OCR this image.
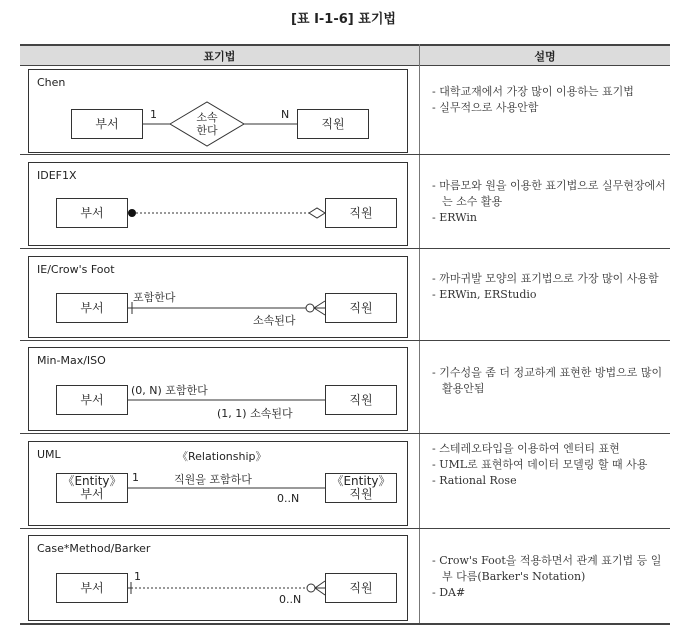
[표 Ⅰ-1-6] 표기법
표기법	설명
Chen
부서	직원
소속
한다
1	N
- 대학교재에서 가장 많이 이용하는 표기법
- 실무적으로 사용안함
IDEF1X
부서	직원
- 마름모와 원을 이용한 표기법으로 실무현장에서는 소수 활용
- ERWin
IE/Crow's Foot
부서	직원
포함한다
소속된다
- 까마귀발 모양의 표기법으로 가장 많이 사용함
- ERWin, ERStudio
Min-Max/ISO
부서	직원
(0, N) 포함한다
(1, 1) 소속된다
- 기수성을 좀 더 정교하게 표현한 방법으로 많이 활용안됨
UML	《Relationship》
《Entity》
부서
《Entity》
직원
1	직원을 포함하다
0..N
- 스테레오타입을 이용하여 엔터티 표현
- UML로 표현하여 데이터 모델링 할 때 사용
- Rational Rose
Case*Method/Barker
부서	직원
1
0..N
- Crow's Foot을 적용하면서 관계 표기법 등 일부 다름(Barker's Notation)
- DA#
